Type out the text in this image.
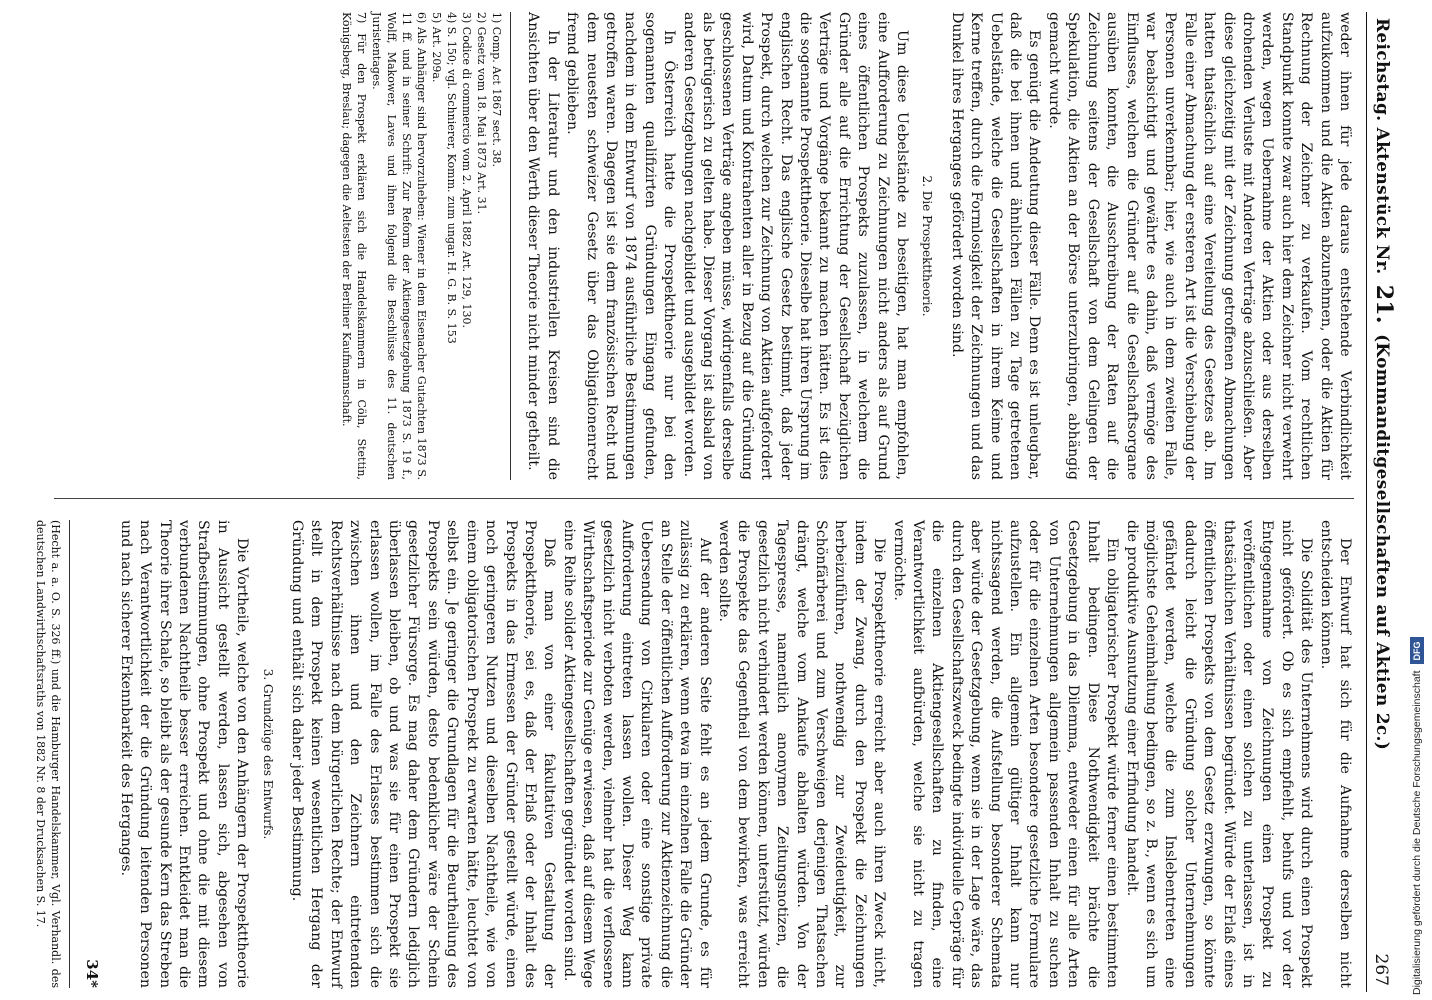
Reichstag. Aktenstück Nr. 21. (Kommanditgesellschaften auf Aktien 2c.)
267

weder ihnen für jede daraus entstehende Verbindlichkeit aufzukommen und die Aktien abzunehmen, oder die Aktien für Rechnung der Zeichner zu verkaufen. Vom rechtlichen Standpunkt konnte zwar auch hier dem Zeichner nicht verwehrt werden, wegen Uebernahme der Aktien oder aus derselben drohenden Verluste mit Anderen Verträge abzuschließen. Aber diese gleichzeitig mit der Zeichnung getroffenen Abmachungen hatten thatsächlich auf eine Vereitelung des Gesetzes ab. Im Falle einer Abmachung der ersteren Art ist die Verschiebung der Personen unverkennbar; hier, wie auch in dem zweiten Falle, war beabsichtigt und gewährte es dahin, daß vermöge des Einflusses, welchen die Gründer auf die Gesellschaftsorgane ausüben konnten, die Ausschreibung der Raten auf die Zeichnung seitens der Gesellschaft von dem Gelingen der Spekulation, die Aktien an der Börse unterzubringen, abhängig gemacht wurde.

Es genügt die Andeutung dieser Fälle. Denn es ist unleugbar, daß die bei ihnen und ähnlichen Fällen zu Tage getretenen Uebelstände, welche die Gesellschaften in ihrem Keime und Kerne treffen, durch die Formlosigkeit der Zeichnungen und das Dunkel ihres Herganges gefördert worden sind.

2. Die Prospekttheorie.

Um diese Uebelstände zu beseitigen, hat man empfohlen, eine Aufforderung zu Zeichnungen nicht anders als auf Grund eines öffentlichen Prospekts zuzulassen, in welchem die Gründer alle auf die Errichtung der Gesellschaft bezüglichen Verträge und Vorgänge bekannt zu machen hätten. Es ist dies die sogenannte Prospekttheorie. Dieselbe hat ihren Ursprung im englischen Recht. Das englische Gesetz bestimmt, daß jeder Prospekt, durch welchen zur Zeichnung von Aktien aufgefordert wird, Datum und Kontrahenten aller in Bezug auf die Gründung geschlossenen Verträge angeben müsse, widrigenfalls derselbe als betrügerisch zu gelten habe. Dieser Vorgang ist alsbald von anderen Gesetzgebungen nachgebildet und ausgebildet worden.

In Österreich hatte die Prospekttheorie nur bei den sogenannten qualifizirten Gründungen Eingang gefunden, nachdem in dem Entwurf von 1874 ausführliche Bestimmungen getroffen waren. Dagegen ist sie dem französischen Recht und dem neuesten schweizer Gesetz über das Obligationenrecht fremd geblieben.

In der Literatur und den industriellen Kreisen sind die Ansichten über den Werth dieser Theorie nicht minder getheilt.

1) Comp. Act 1867 sect. 38.

2) Gesetz vom 18. Mai 1873 Art. 31.

3) Codice di commercio vom 2. April 1882 Art. 129, 130.

4) S. 150; vgl. Schnierer, Komm. zum ungar. H. G. B. S. 153

5) Art. 209a.

6) Als Anhänger sind hervorzuheben: Wiener in dem Eisenacher Gutachten 1873 S. 11 ff. und in seiner Schrift: Zur Reform der Aktiengesetzgebung 1873 S. 19 f., Wolff, Makower, Laves und ihnen folgend die Beschlüsse des 11. deutschen Juristentages.

7) Für den Prospekt erklären sich die Handelskammern in Cöln, Stettin, Königsberg, Breslau; dagegen die Aeltesten der Berliner Kaufmannschaft.

Der Entwurf hat sich für die Aufnahme derselben nicht entscheiden können.

Die Solidität des Unternehmens wird durch einen Prospekt nicht gefördert. Ob es sich empfiehlt, behufs und vor der Entgegennahme von Zeichnungen einen Prospekt zu veröffentlichen oder einen solchen zu unterlassen, ist in thatsächlichen Verhältnissen begründet. Würde der Erlaß eines öffentlichen Prospekts von dem Gesetz erzwungen, so könnte dadurch leicht die Gründung solcher Unternehmungen gefährdet werden, welche die zum Inslebentreten eine möglichste Geheimhaltung bedingen, so z. B., wenn es sich um die produktive Ausnutzung einer Erfindung handelt.

Ein obligatorischer Prospekt würde ferner einen bestimmten Inhalt bedingen. Diese Nothwendigkeit brächte die Gesetzgebung in das Dilemma, entweder einen für alle Arten von Unternehmungen allgemein passenden Inhalt zu suchen oder für die einzelnen Arten besondere gesetzliche Formulare aufzustellen. Ein allgemein gültiger Inhalt kann nur nichtssagend werden, die Aufstellung besonderer Schemata aber würde der Gesetzgebung, wenn sie in der Lage wäre, das durch den Gesellschaftszweck bedingte individuelle Gepräge für die einzelnen Aktiengesellschaften zu finden, eine Verantwortlichkeit aufbürden, welche sie nicht zu tragen vermöchte.

Die Prospekttheorie erreicht aber auch ihren Zweck nicht, indem der Zwang, durch den Prospekt die Zeichnungen herbeizuführen, nothwendig zur Zweideutigkeit, zur Schönfärberei und zum Verschweigen derjenigen Thatsachen drängt, welche vom Ankaufe abhalten würden. Von der Tagespresse, namentlich anonymen Zeitungsnotizen, die gesetzlich nicht verhindert werden können, unterstützt, würden die Prospekte das Gegentheil von dem bewirken, was erreicht werden sollte.

Auf der anderen Seite fehlt es an jedem Grunde, es für zulässig zu erklären, wenn etwa im einzelnen Falle die Gründer an Stelle der öffentlichen Aufforderung zur Aktienzeichnung die Uebersendung von Cirkularen oder eine sonstige private Aufforderung eintreten lassen wollen. Dieser Weg kann gesetzlich nicht verboten werden, vielmehr hat die verflossene Wirthschaftsperiode zur Genüge erwiesen, daß auf diesem Wege eine Reihe solider Aktiengesellschaften gegründet worden sind.

Daß man von einer fakultativen Gestaltung der Prospekttheorie, sei es, daß der Erlaß oder der Inhalt des Prospekts in das Ermessen der Gründer gestellt würde, einen noch geringeren Nutzen und dieselben Nachtheile, wie von einem obligatorischen Prospekt zu erwarten hätte, leuchtet von selbst ein. Je geringer die Grundlagen für die Beurtheilung des Prospekts sein würden, desto bedenklicher wäre der Schein gesetzlicher Fürsorge. Es mag daher dem Gründern lediglich überlassen bleiben, ob und was sie für einen Prospekt sie erlassen wollen, im Falle des Erlasses bestimmen sich die zwischen ihnen und den Zeichnern eintretenden Rechtsverhältnisse nach dem bürgerlichen Rechte; der Entwurf stellt in dem Prospekt keinen wesentlichen Hergang der Gründung und enthält sich daher jeder Bestimmung.

3. Grundzüge des Entwurfs.

Die Vortheile, welche von den Anhängern der Prospekttheorie in Aussicht gestellt werden, lassen sich, abgesehen von Strafbestimmungen, ohne Prospekt und ohne die mit diesem verbundenen Nachtheile besser erreichen. Entkleidet man die Theorie ihrer Schale, so bleibt als der gesunde Kern das Streben nach Verantwortlichkeit der die Gründung leitenden Personen und nach sicherer Erkennbarkeit des Herganges.

34*

(Hecht a. a. O. S. 326 ff.) und die Hamburger Handelskammer, Vgl. Verhandl. des deutschen Landwirthschaftsraths von 1882 Nr. 8 der Drucksachen S. 17.	Digitalisierung gefördert durch die Deutsche Forschungsgemeinschaft
DFG
